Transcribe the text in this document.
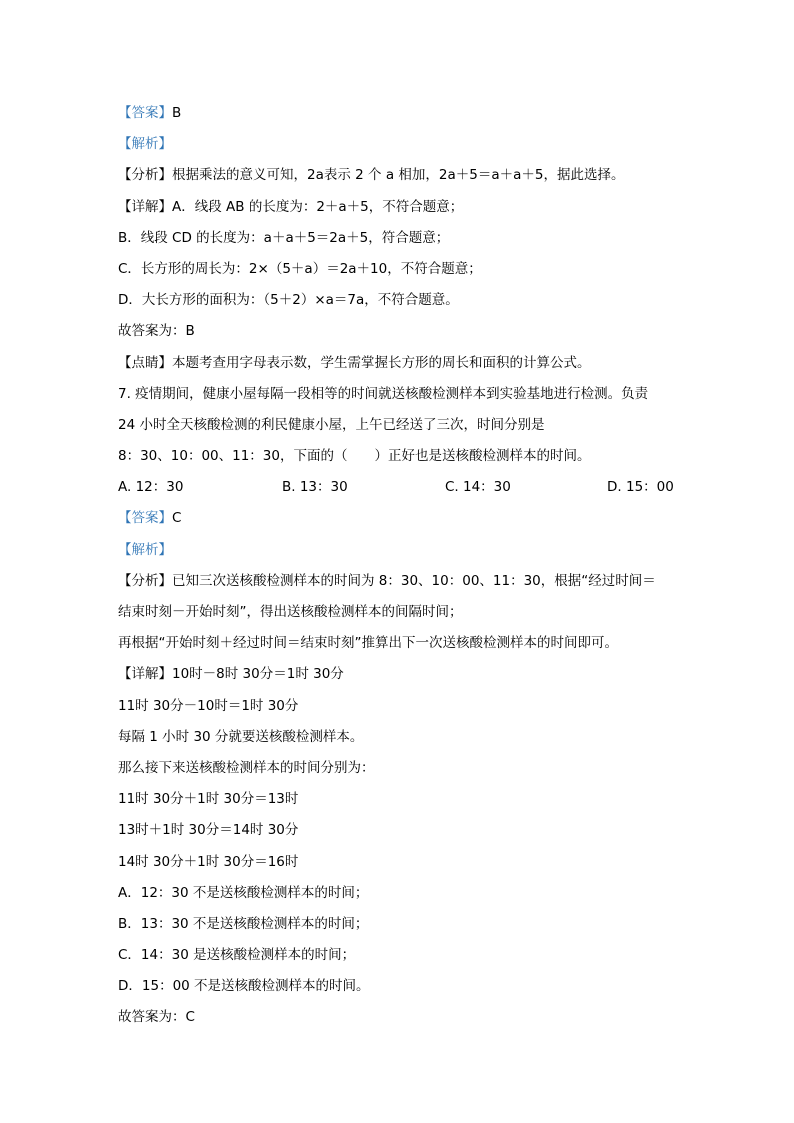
【答案】B
【解析】
【分析】根据乘法的意义可知，2a表示 2 个 a 相加，2a＋5＝a＋a＋5，据此选择。
【详解】A．线段 AB 的长度为：2＋a＋5，不符合题意；
B．线段 CD 的长度为：a＋a＋5＝2a＋5，符合题意；
C．长方形的周长为：2×（5＋a）＝2a＋10，不符合题意；
D．大长方形的面积为：（5＋2）×a＝7a，不符合题意。
故答案为：B
【点睛】本题考查用字母表示数，学生需掌握长方形的周长和面积的计算公式。
7. 疫情期间，健康小屋每隔一段相等的时间就送核酸检测样本到实验基地进行检测。负责
24 小时全天核酸检测的利民健康小屋，上午已经送了三次，时间分别是
8：30、10：00、11：30，下面的（　　）正好也是送核酸检测样本的时间。
A. 12：30	B. 13：30	C. 14：30	D. 15：00
【答案】C
【解析】
【分析】已知三次送核酸检测样本的时间为 8：30、10：00、11：30，根据“经过时间＝
结束时刻－开始时刻”，得出送核酸检测样本的间隔时间；
再根据“开始时刻＋经过时间＝结束时刻”推算出下一次送核酸检测样本的时间即可。
【详解】10时－8时 30分＝1时 30分
11时 30分－10时＝1时 30分
每隔 1 小时 30 分就要送核酸检测样本。
那么接下来送核酸检测样本的时间分别为：
11时 30分＋1时 30分＝13时
13时＋1时 30分＝14时 30分
14时 30分＋1时 30分＝16时
A．12：30 不是送核酸检测样本的时间；
B．13：30 不是送核酸检测样本的时间；
C．14：30 是送核酸检测样本的时间；
D．15：00 不是送核酸检测样本的时间。
故答案为：C
